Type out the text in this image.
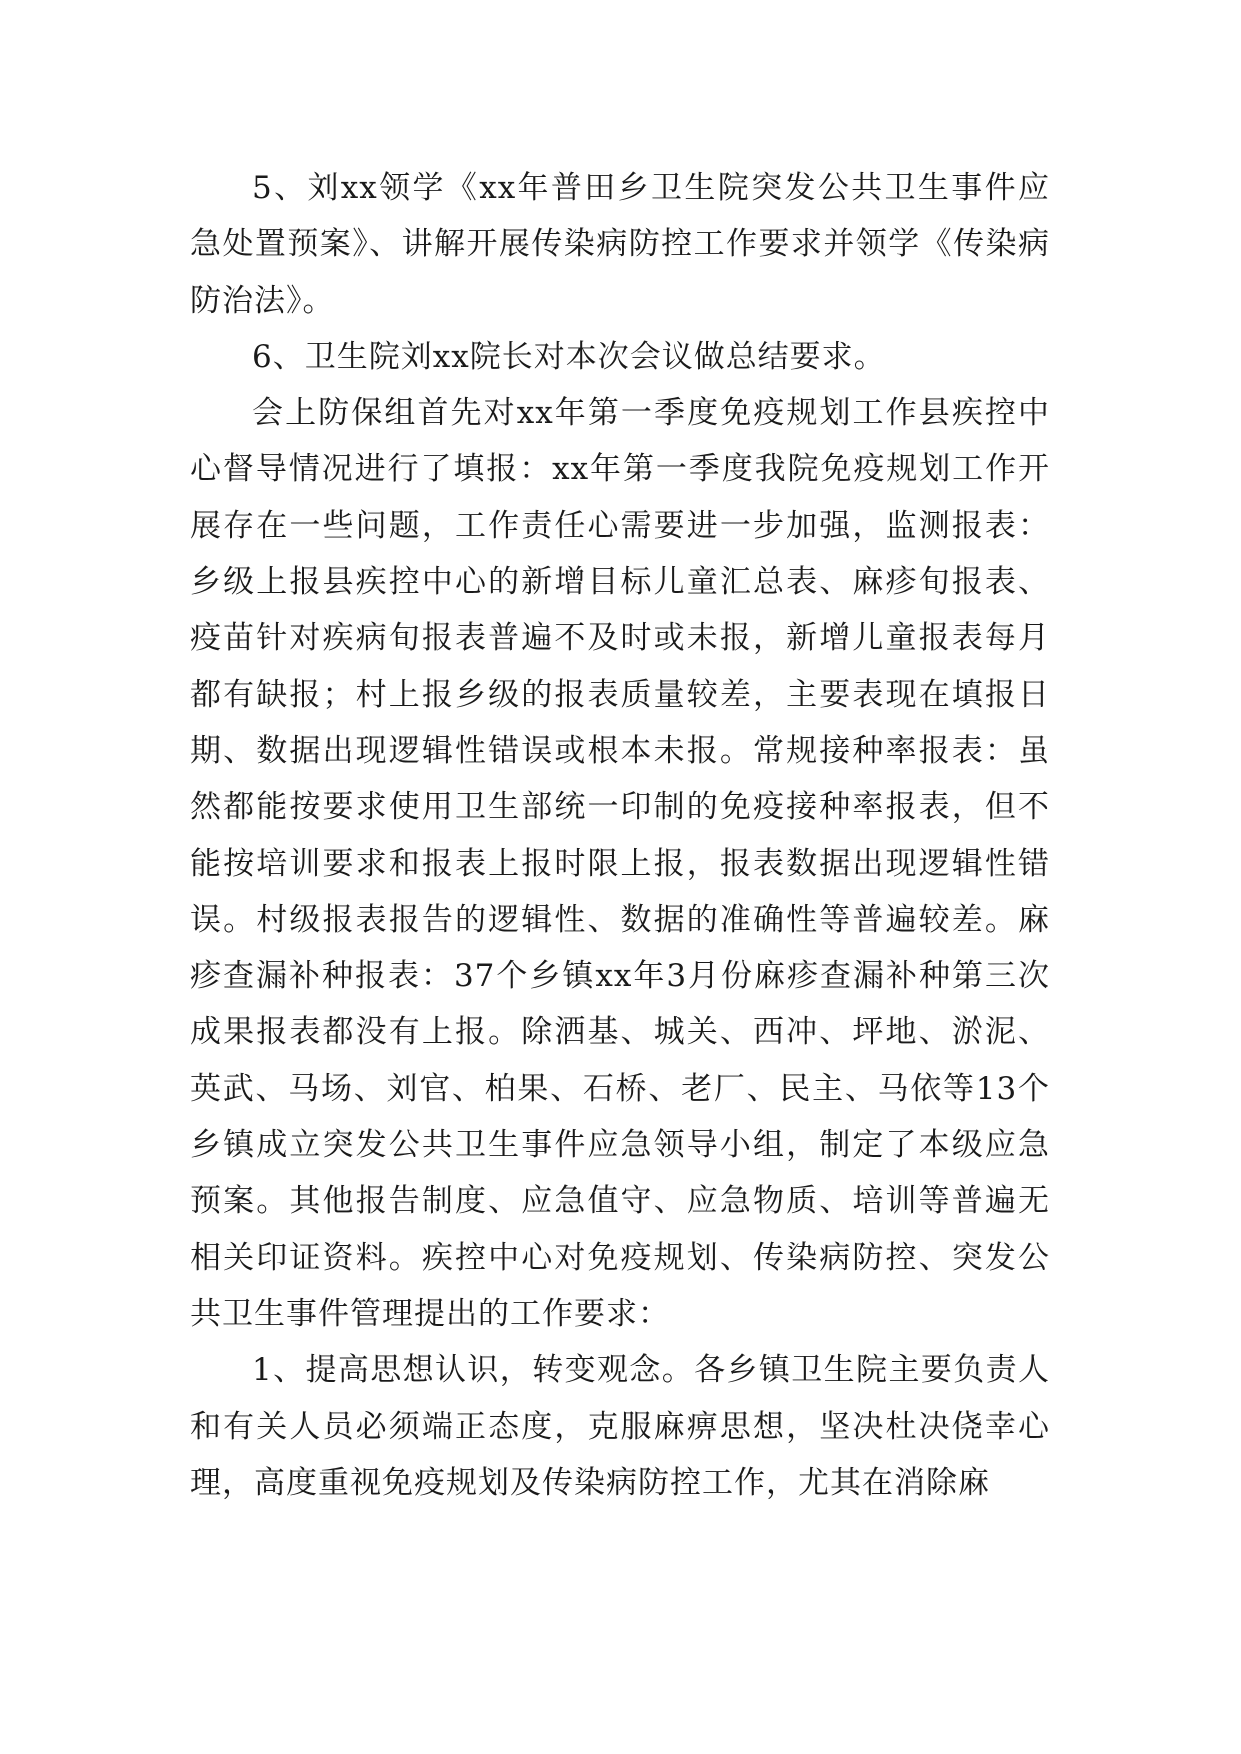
5、刘xx领学《xx年普田乡卫生院突发公共卫生事件应急处置预案》、讲解开展传染病防控工作要求并领学《传染病防治法》。

6、卫生院刘xx院长对本次会议做总结要求。

会上防保组首先对xx年第一季度免疫规划工作县疾控中心督导情况进行了填报：xx年第一季度我院免疫规划工作开展存在一些问题，工作责任心需要进一步加强，监测报表：乡级上报县疾控中心的新增目标儿童汇总表、麻疹旬报表、疫苗针对疾病旬报表普遍不及时或未报，新增儿童报表每月都有缺报；村上报乡级的报表质量较差，主要表现在填报日期、数据出现逻辑性错误或根本未报。常规接种率报表：虽然都能按要求使用卫生部统一印制的免疫接种率报表，但不能按培训要求和报表上报时限上报，报表数据出现逻辑性错误。村级报表报告的逻辑性、数据的准确性等普遍较差。麻疹查漏补种报表：37个乡镇xx年3月份麻疹查漏补种第三次成果报表都没有上报。除洒基、城关、西冲、坪地、淤泥、英武、马场、刘官、柏果、石桥、老厂、民主、马依等13个乡镇成立突发公共卫生事件应急领导小组，制定了本级应急预案。其他报告制度、应急值守、应急物质、培训等普遍无相关印证资料。疾控中心对免疫规划、传染病防控、突发公共卫生事件管理提出的工作要求：

1、提高思想认识，转变观念。各乡镇卫生院主要负责人和有关人员必须端正态度，克服麻痹思想，坚决杜决侥幸心理，高度重视免疫规划及传染病防控工作，尤其在消除麻
